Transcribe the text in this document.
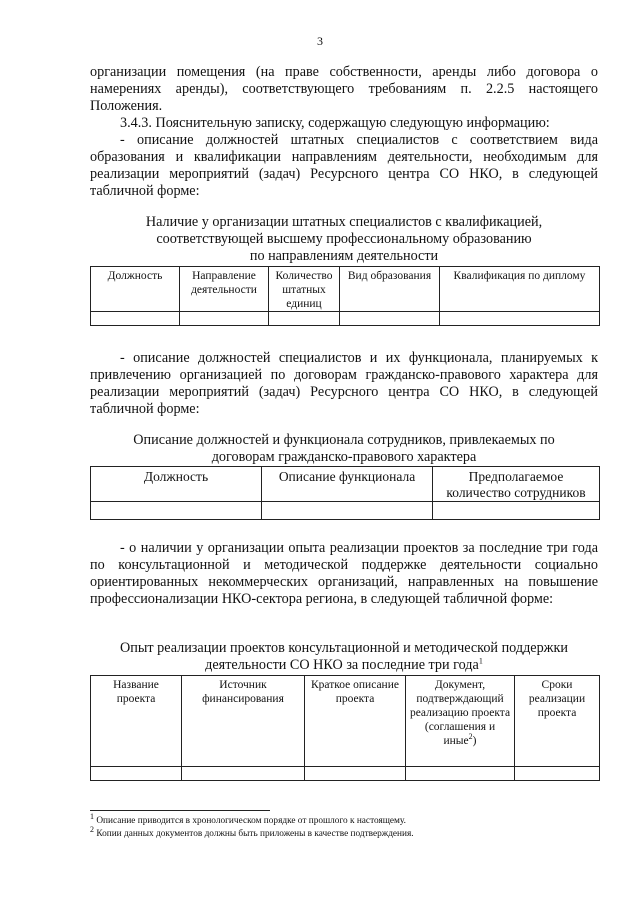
3
организации помещения (на праве собственности, аренды либо договора о намерениях аренды), соответствующего требованиям п. 2.2.5 настоящего Положения.
3.4.3. Пояснительную записку, содержащую следующую информацию:
- описание должностей штатных специалистов с соответствием вида образования и квалификации направлениям деятельности, необходимым для реализации мероприятий (задач) Ресурсного центра СО НКО, в следующей табличной форме:
Наличие у организации штатных специалистов с квалификацией,
соответствующей высшему профессиональному образованию
по направлениям деятельности
Должность	Направление деятельности	Количество штатных единиц	Вид образования	Квалификация по диплому

- описание должностей специалистов и их функционала, планируемых к привлечению организацией по договорам гражданско-правового характера для реализации мероприятий (задач) Ресурсного центра СО НКО, в следующей табличной форме:
Описание должностей и функционала сотрудников, привлекаемых по
договорам гражданско-правового характера
Должность	Описание функционала	Предполагаемое количество сотрудников

- о наличии у организации опыта реализации проектов за последние три года по консультационной и методической поддержке деятельности социально ориентированных некоммерческих организаций, направленных на повышение профессионализации НКО-сектора региона, в следующей табличной форме:
Опыт реализации проектов консультационной и методической поддержки
деятельности СО НКО за последние три года$^1$
Название проекта	Источник финансирования	Краткое описание проекта	Документ, подтверждающий реализацию проекта (соглашения и иные$^2$)	Сроки реализации проекта

$^1$ Описание приводится в хронологическом порядке от прошлого к настоящему.
$^2$ Копии данных документов должны быть приложены в качестве подтверждения.
